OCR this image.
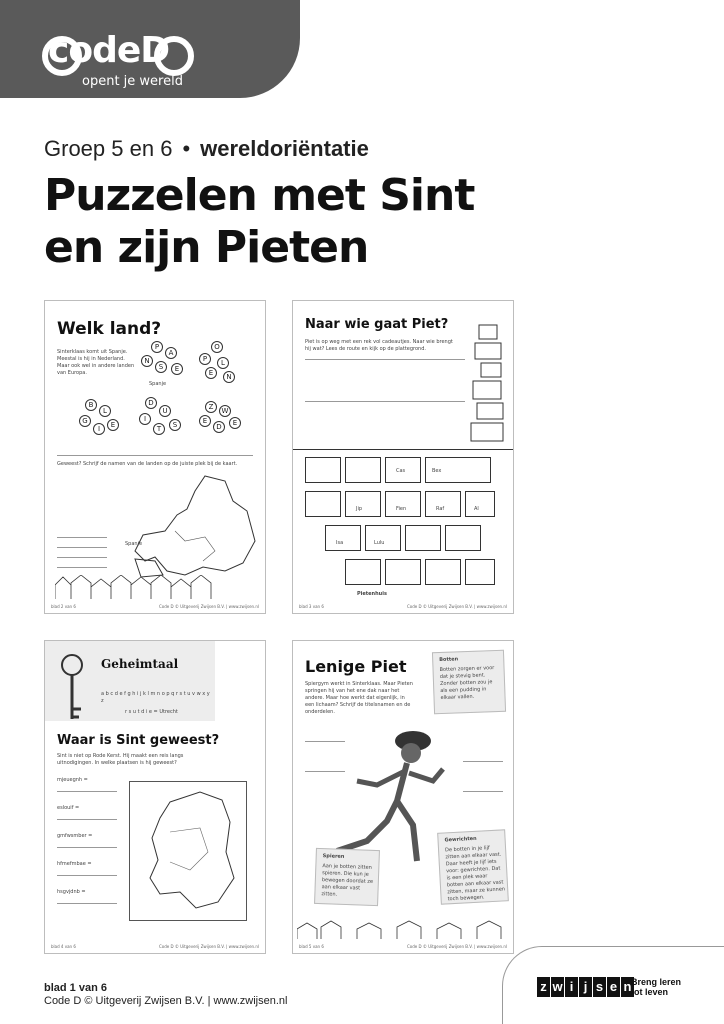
codeD
opent je wereld
Groep 5 en 6 • wereldoriëntatie
Puzzelen met Sint
en zijn Pieten
Welk land?
Sinterklaas komt uit Spanje. Meestal is hij in Nederland. Maar ook wel in andere landen van Europa.
P
A
N
S	E
Spanje
O
P	L
E	N
B
L
G
I	E
D
U
I
T	S
Z	W
E
D	E
Geweest? Schrijf de namen van de landen op de juiste plek bij de kaart.
Spanje
blad 2 van 6	Code D © Uitgeverij Zwijsen B.V. | www.zwijsen.nl
Naar wie gaat Piet?
Piet is op weg met een rek vol cadeautjes. Naar wie brengt hij wat? Lees de route en kijk op de plattegrond.
Cas	Bex
Jip	Fien	Raf	Al
Isa	Lulu
Pietenhuis
blad 3 van 6	Code D © Uitgeverij Zwijsen B.V. | www.zwijsen.nl
Geheimtaal
a b c d e f g h i j k l m n o p q r s t u v w x y z
r s u t d i e = Utrecht
Waar is Sint geweest?
Sint is niet op Rode Kerst. Hij maakt een reis langs uitnodigingen. In welke plaatsen is hij geweest?
mjeuegnh =
eslouif =
gmfwsmber =
hfmefmbae =
hsgvjdnb =
blad 4 van 6	Code D © Uitgeverij Zwijsen B.V. | www.zwijsen.nl
Lenige Piet
Spiergym werkt in Sinterklaas. Maar Pieten springen hij van het ene dak naar het andere. Maar hoe werkt dat eigenlijk, in een lichaam? Schrijf de titelsnamen en de onderdelen.
Botten
Botten zorgen er voor dat je stevig bent. Zonder botten zou je als een pudding in elkaar vallen.
Spieren
Aan je botten zitten spieren. Die kun je bewegen doordat ze aan elkaar vast zitten.
Gewrichten
De botten in je lijf zitten aan elkaar vast. Daar heeft je lijf iets voor: gewrichten. Dat is een plek waar botten aan elkaar vast zitten, maar ze kunnen toch bewegen.
blad 5 van 6	Code D © Uitgeverij Zwijsen B.V. | www.zwijsen.nl
blad 1 van 6
Code D © Uitgeverij Zwijsen B.V. | www.zwijsen.nl
z w i j s e n Breng leren
tot leven
